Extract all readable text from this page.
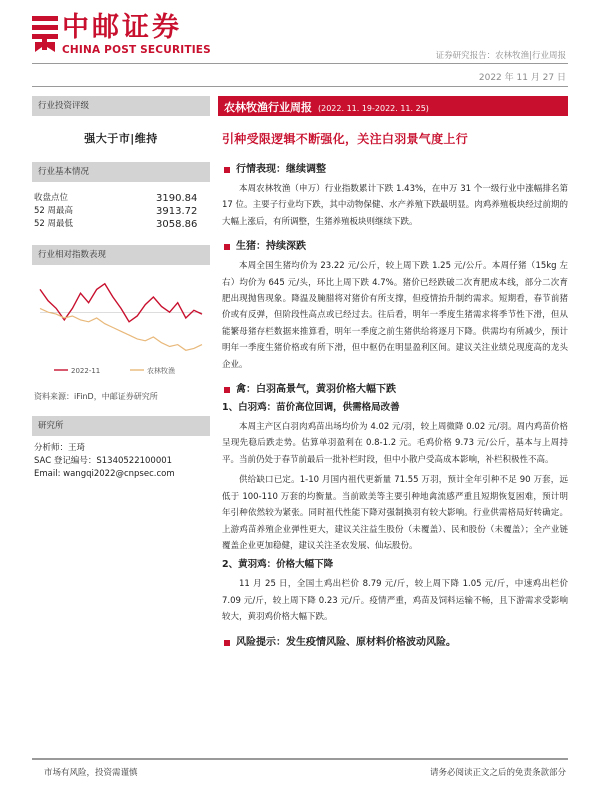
中邮证券
CHINA POST SECURITIES	证券研究报告：农林牧渔|行业周报
2022 年 11 月 27 日
行业投资评级
强大于市|维持
行业基本情况
收盘点位	3190.84
52 周最高	3913.72
52 周最低	3058.86
行业相对指数表现
2022-11	农林牧渔
资料来源：iFinD，中邮证券研究所
研究所
分析师：王琦
SAC 登记编号：S1340522100001
Email: wangqi2022@cnpsec.com
农林牧渔行业周报 (2022. 11. 19-2022. 11. 25)
引种受限逻辑不断强化，关注白羽景气度上行
行情表现：继续调整
本周农林牧渔（申万）行业指数累计下跌 1.43%，在申万 31 个一级行业中涨幅排名第 17 位。主要子行业均下跌，其中动物保健、水产养殖下跌最明显。肉鸡养殖板块经过前期的大幅上涨后，有所调整，生猪养殖板块则继续下跌。
生猪：持续深跌
本周全国生猪均价为 23.22 元/公斤，较上周下跌 1.25 元/公斤。本周仔猪（15kg 左右）均价为 645 元/头，环比上周下跌 4.7%。猪价已经跌破二次育肥成本线，部分二次育肥出现抛售现象。降温及腌腊将对猪价有所支撑，但疫情抬升制约需求。短期看，春节前猪价或有反弹，但阶段性高点或已经过去。往后看，明年一季度生猪需求将季节性下滑，但从能繁母猪存栏数据来推算看，明年一季度之前生猪供给将逐月下降。供需均有所减少，预计明年一季度生猪价格或有所下滑，但中枢仍在明显盈利区间。建议关注业绩兑现度高的龙头企业。
禽：白羽高景气，黄羽价格大幅下跌
1、白羽鸡：苗价高位回调，供需格局改善
本周主产区白羽肉鸡苗出场均价为 4.02 元/羽，较上周微降 0.02 元/羽。周内鸡苗价格呈现先稳后跌走势。估算单羽盈利在 0.8-1.2 元。毛鸡价格 9.73 元/公斤，基本与上周持平。当前仍处于春节前最后一批补栏时段，但中小散户受高成本影响，补栏积极性不高。
供给缺口已定。1-10 月国内祖代更新量 71.55 万羽，预计全年引种不足 90 万套，远低于 100-110 万套的均衡量。当前欧美等主要引种地禽流感严重且短期恢复困难，预计明年引种依然较为紧张。同时祖代性能下降对强制换羽有较大影响。行业供需格局好转确定。上游鸡苗养殖企业弹性更大，建议关注益生股份（未覆盖）、民和股份（未覆盖）；全产业链覆盖企业更加稳健，建议关注圣农发展、仙坛股份。
2、黄羽鸡：价格大幅下降
11 月 25 日，全国土鸡出栏价 8.79 元/斤，较上周下降 1.05 元/斤，中速鸡出栏价 7.09 元/斤，较上周下降 0.23 元/斤。疫情严重，鸡苗及饲料运输不畅，且下游需求受影响较大，黄羽鸡价格大幅下跌。
风险提示：发生疫情风险、原材料价格波动风险。
市场有风险，投资需谨慎	请务必阅读正文之后的免责条款部分
